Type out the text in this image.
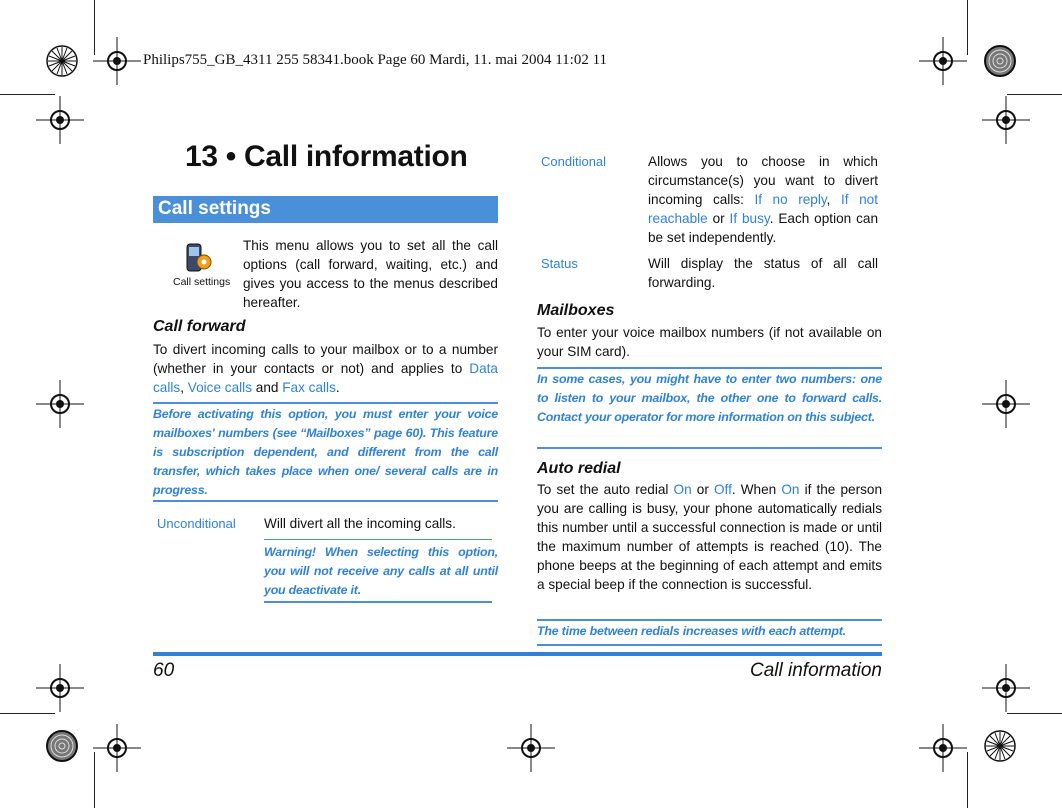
Philips755_GB_4311 255 58341.book Page 60 Mardi, 11. mai 2004 11:02 11
13 • Call information
Call settings
Call settings
This menu allows you to set all the call options (call forward, waiting, etc.) and gives you access to the menus described hereafter.
Call forward
To divert incoming calls to your mailbox or to a number (whether in your contacts or not) and applies to Data calls, Voice calls and Fax calls.
Before activating this option, you must enter your voice mailboxes' numbers (see “Mailboxes” page 60). This feature is subscription dependent, and different from the call transfer, which takes place when one/ several calls are in progress.
Unconditional Will divert all the incoming calls.
Warning! When selecting this option, you will not receive any calls at all until you deactivate it.
Conditional	Allows you to choose in which circumstance(s) you want to divert incoming calls: If no reply, If not reachable or If busy. Each option can be set independently.
Status	Will display the status of all call forwarding.
Mailboxes
To enter your voice mailbox numbers (if not available on your SIM card).
In some cases, you might have to enter two numbers: one to listen to your mailbox, the other one to forward calls. Contact your operator for more information on this subject.
Auto redial
To set the auto redial On or Off. When On if the person you are calling is busy, your phone automatically redials this number until a successful connection is made or until the maximum number of attempts is reached (10). The phone beeps at the beginning of each attempt and emits a special beep if the connection is successful.
The time between redials increases with each attempt.
60	Call information
